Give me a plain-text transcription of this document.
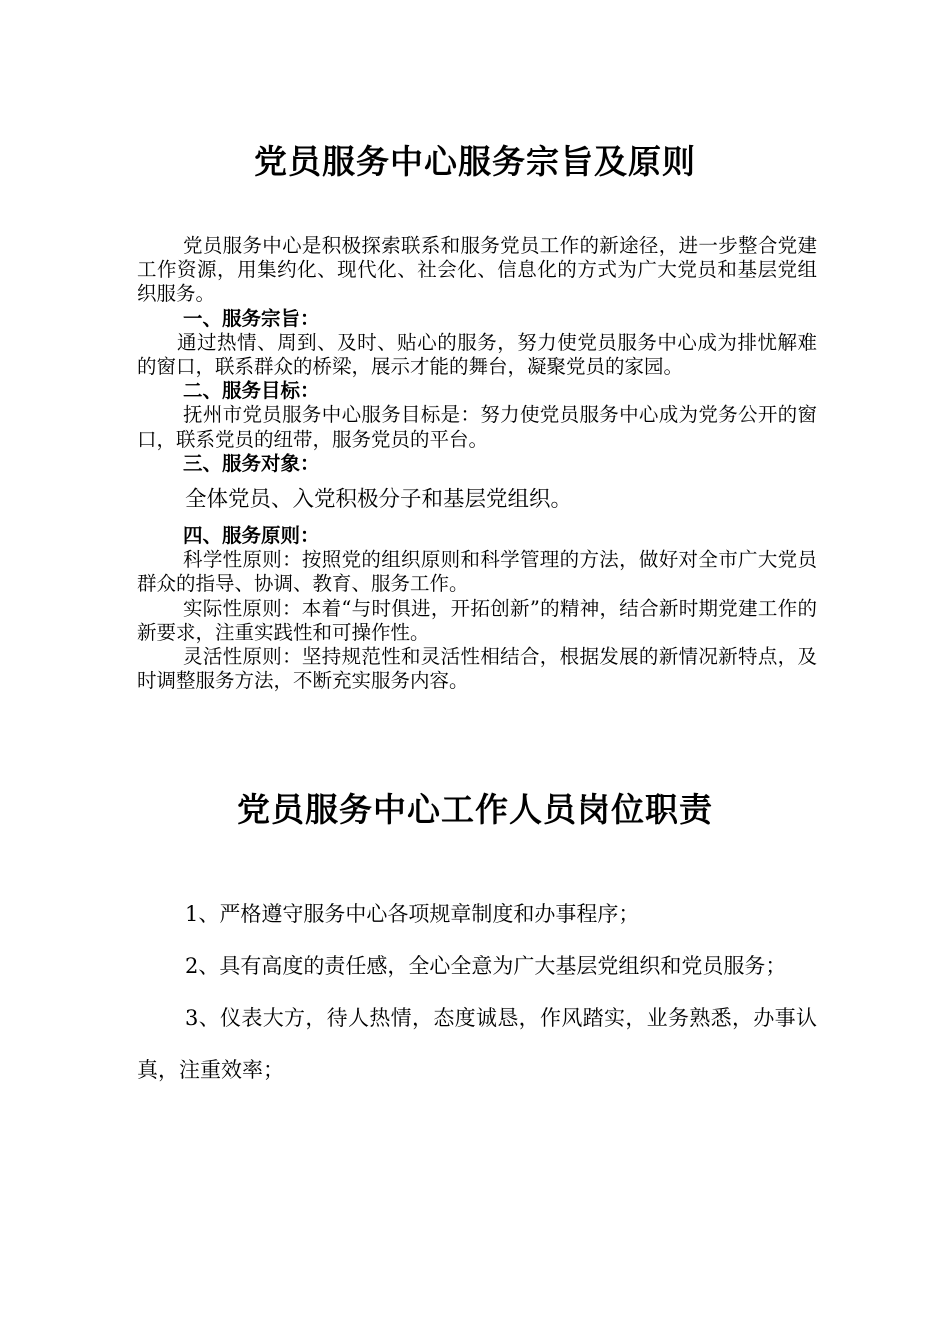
党员服务中心服务宗旨及原则

党员服务中心是积极探索联系和服务党员工作的新途径，进一步整合党建工作资源，用集约化、现代化、社会化、信息化的方式为广大党员和基层党组织服务。

一、服务宗旨：

通过热情、周到、及时、贴心的服务，努力使党员服务中心成为排忧解难的窗口，联系群众的桥梁，展示才能的舞台，凝聚党员的家园。

二、服务目标：

抚州市党员服务中心服务目标是：努力使党员服务中心成为党务公开的窗口，联系党员的纽带，服务党员的平台。

三、服务对象：

全体党员、入党积极分子和基层党组织。

四、服务原则：

科学性原则：按照党的组织原则和科学管理的方法，做好对全市广大党员群众的指导、协调、教育、服务工作。

实际性原则：本着“与时俱进，开拓创新”的精神，结合新时期党建工作的新要求，注重实践性和可操作性。

灵活性原则：坚持规范性和灵活性相结合，根据发展的新情况新特点，及时调整服务方法，不断充实服务内容。

党员服务中心工作人员岗位职责

1、严格遵守服务中心各项规章制度和办事程序；

2、具有高度的责任感，全心全意为广大基层党组织和党员服务；

3、仪表大方，待人热情，态度诚恳，作风踏实，业务熟悉，办事认真，注重效率；
